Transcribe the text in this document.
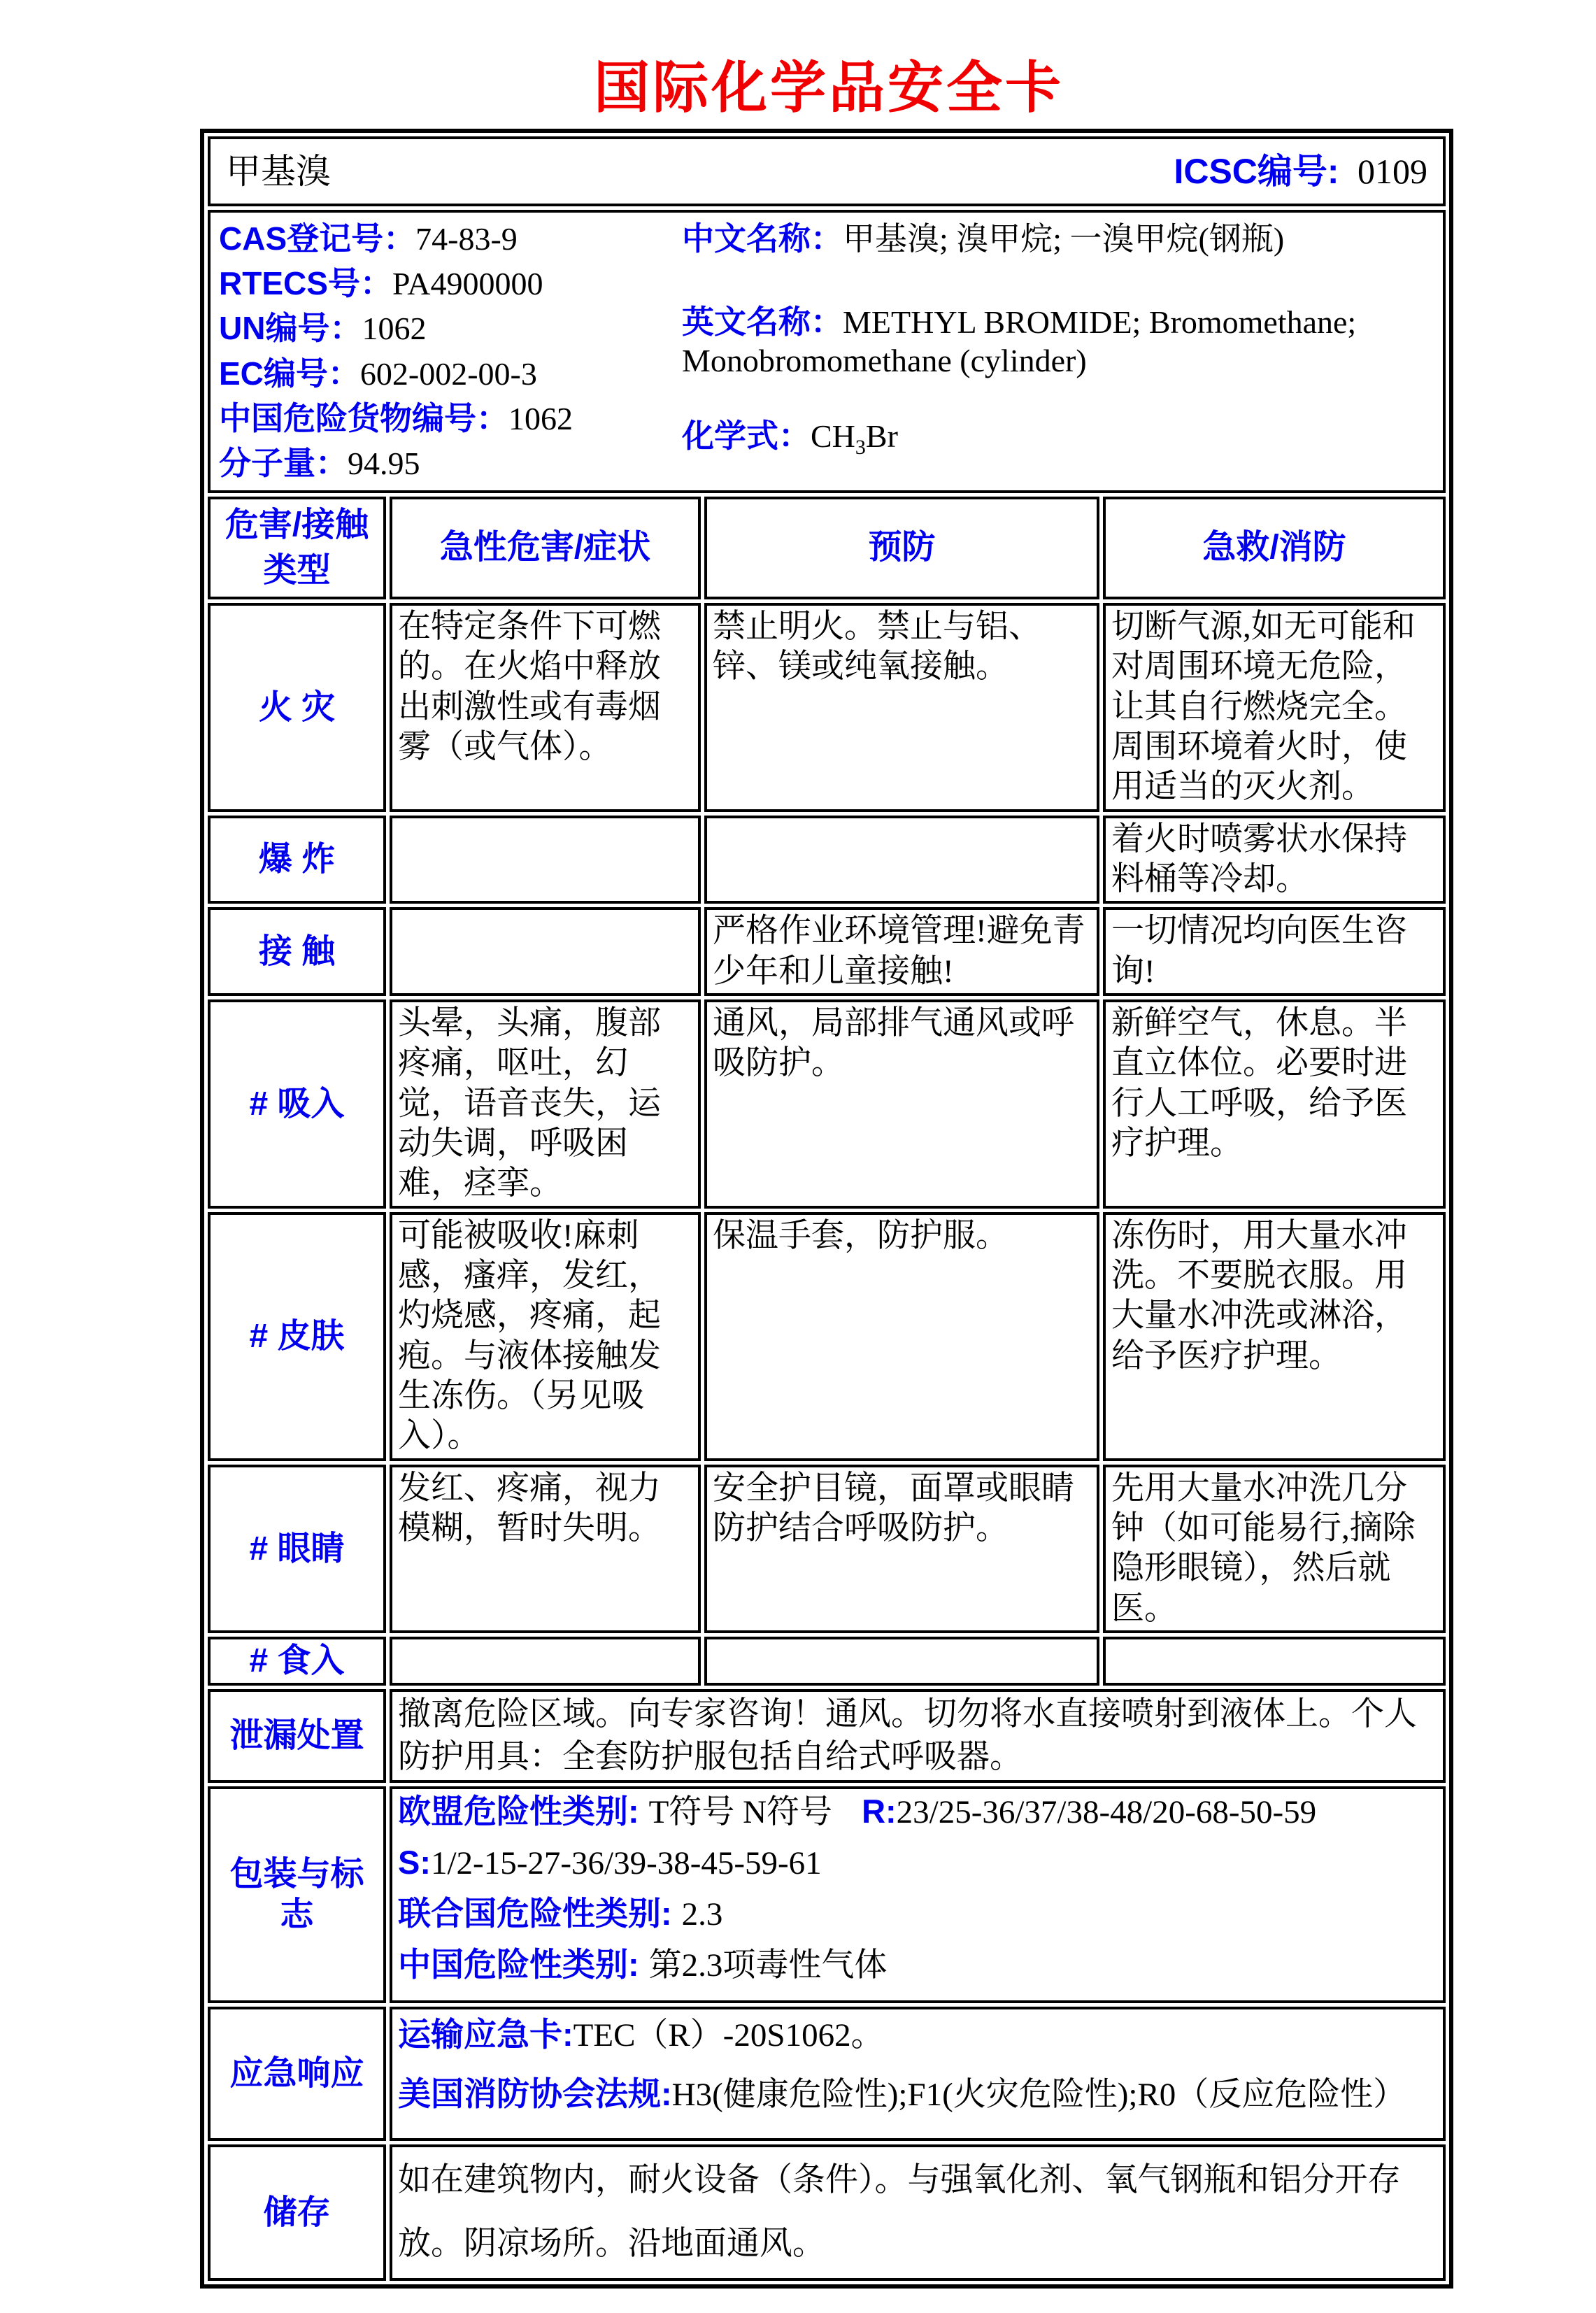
国际化学品安全卡
甲基溴 ICSC编号: 0109			

CAS登记号：74-83-9
RTECS号：PA4900000
UN编号：1062
EC编号：602-002-00-3
中国危险货物编号：1062
分子量：94.95
中文名称：甲基溴; 溴甲烷; 一溴甲烷(钢瓶)
英文名称：METHYL BROMIDE; Bromomethane; Monobromomethane (cylinder)
化学式：$CH_3Br$

危害/接触
类型	急性危害/症状	预防	急救/消防
火 灾	在特定条件下可燃的。在火焰中释放出刺激性或有毒烟雾（或气体）。	禁止明火。禁止与铝、锌、镁或纯氧接触。	切断气源,如无可能和对周围环境无危险，让其自行燃烧完全。周围环境着火时，使用适当的灭火剂。
爆 炸			着火时喷雾状水保持料桶等冷却。
接 触		严格作业环境管理!避免青少年和儿童接触!	一切情况均向医生咨询!
# 吸入	头晕，头痛，腹部疼痛，呕吐，幻觉，语音丧失，运动失调，呼吸困难，痉挛。	通风，局部排气通风或呼吸防护。	新鲜空气，休息。半直立体位。必要时进行人工呼吸，给予医疗护理。
# 皮肤	可能被吸收!麻刺感，瘙痒，发红，灼烧感，疼痛，起疱。与液体接触发生冻伤。（另见吸入）。	保温手套，防护服。	冻伤时，用大量水冲洗。不要脱衣服。用大量水冲洗或淋浴，给予医疗护理。
# 眼睛	发红、疼痛，视力模糊，暂时失明。	安全护目镜，面罩或眼睛防护结合呼吸防护。	先用大量水冲洗几分钟（如可能易行,摘除隐形眼镜），然后就医。
# 食入			
泄漏处置	撤离危险区域。向专家咨询！通风。切勿将水直接喷射到液体上。个人防护用具：全套防护服包括自给式呼吸器。		
包装与标志	欧盟危险性类别: T符号 N符号 R:23/25-36/37/38-48/20-68-50-59
S:1/2-15-27-36/39-38-45-59-61
联合国危险性类别: 2.3
中国危险性类别: 第2.3项毒性气体		

应急响应	运输应急卡:TEC（R）-20S1062。
美国消防协会法规:H3(健康危险性);F1(火灾危险性);R0（反应危险性）		

储存	如在建筑物内，耐火设备（条件）。与强氧化剂、氧气钢瓶和铝分开存放。阴凉场所。沿地面通风。		
